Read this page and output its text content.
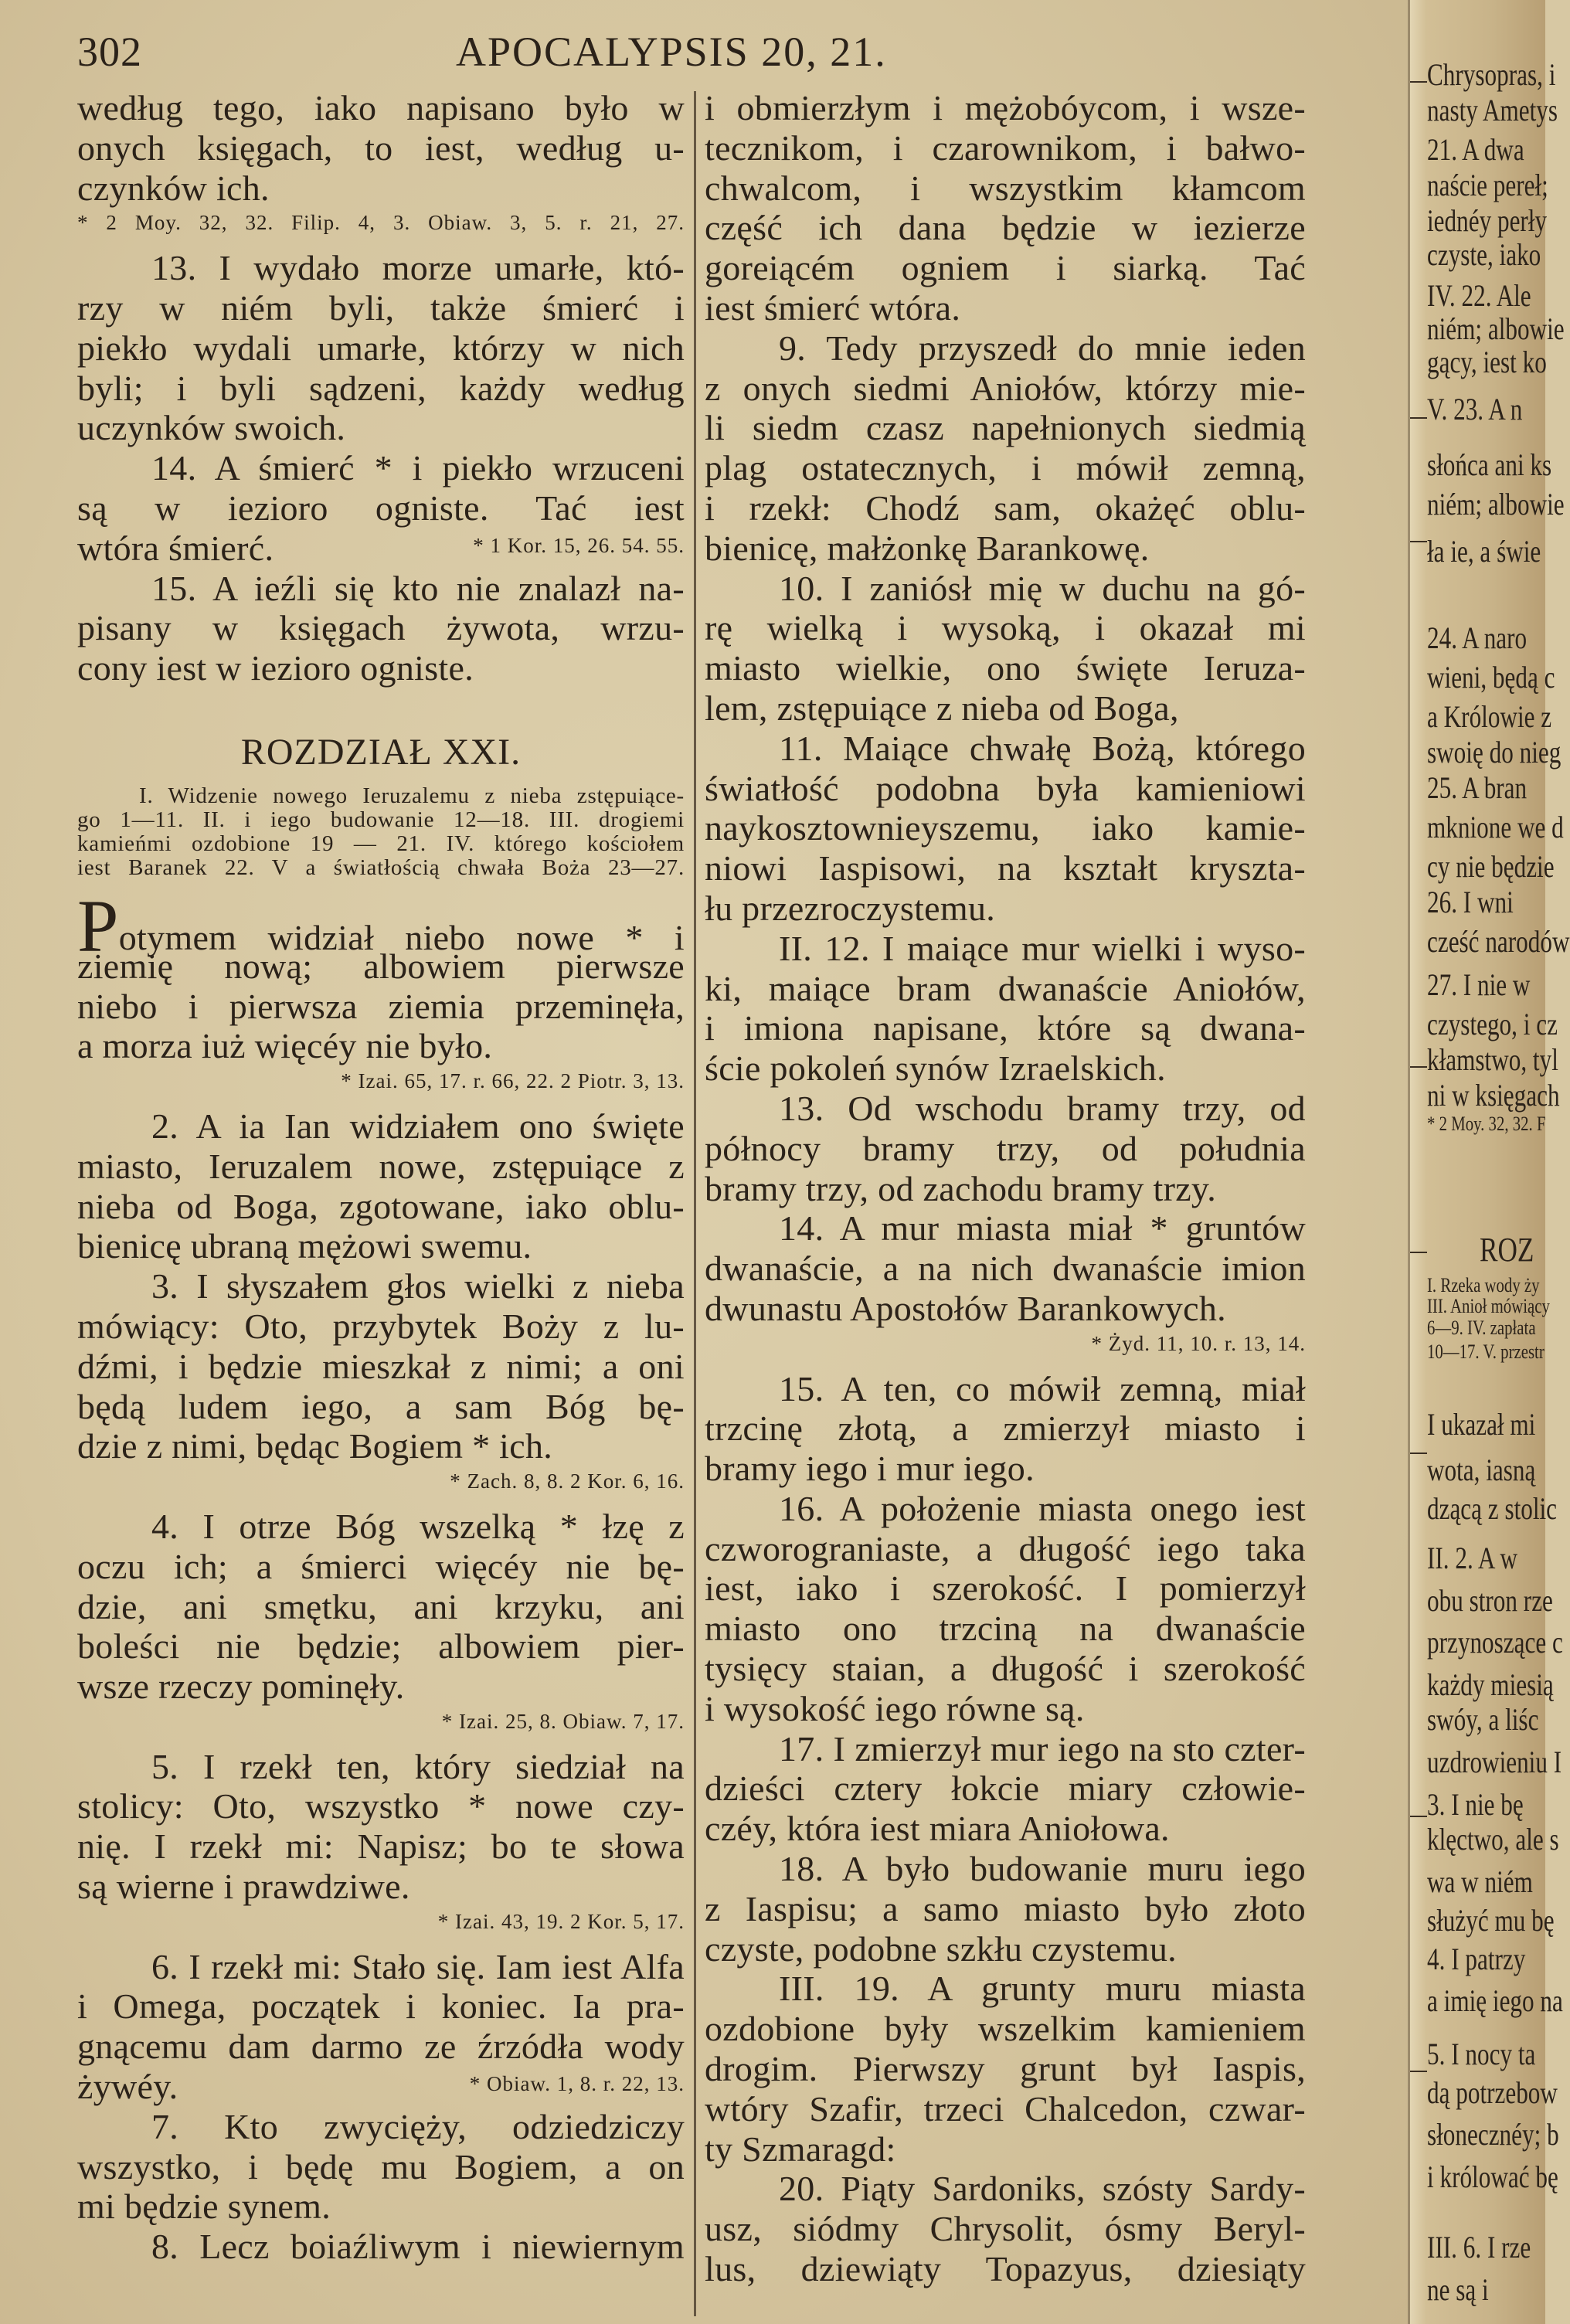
302	APOCALYPSIS 20, 21.
według tego, iako napisano było w
onych księgach, to iest, według u-
czynków ich.
* 2 Moy. 32, 32. Filip. 4, 3. Obiaw. 3, 5. r. 21, 27.
13. I wydało morze umarłe, któ-
rzy w niém byli, także śmierć i
piekło wydali umarłe, którzy w nich
byli; i byli sądzeni, każdy według
uczynków swoich.
14. A śmierć * i piekło wrzuceni
są w iezioro ogniste. Tać iest
wtóra śmierć.	* 1 Kor. 15, 26. 54. 55.
15. A ieźli się kto nie znalazł na-
pisany w księgach żywota, wrzu-
cony iest w iezioro ogniste.
ROZDZIAŁ XXI.
I. Widzenie nowego Ieruzalemu z nieba zstępuiące-
go 1—11. II. i iego budowanie 12—18. III. drogiemi
kamieńmi ozdobione 19 — 21. IV. którego kościołem
iest Baranek 22. V a światłością chwała Boża 23—27.
Potymem widział niebo nowe * i
ziemię nową; albowiem pierwsze
niebo i pierwsza ziemia przeminęła,
a morza iuż więcéy nie było.
* Izai. 65, 17. r. 66, 22. 2 Piotr. 3, 13.
2. A ia Ian widziałem ono święte
miasto, Ieruzalem nowe, zstępuiące z
nieba od Boga, zgotowane, iako oblu-
bienicę ubraną mężowi swemu.
3. I słyszałem głos wielki z nieba
mówiący: Oto, przybytek Boży z lu-
dźmi, i będzie mieszkał z nimi; a oni
będą ludem iego, a sam Bóg bę-
dzie z nimi, będąc Bogiem * ich.
* Zach. 8, 8. 2 Kor. 6, 16.
4. I otrze Bóg wszelką * łzę z
oczu ich; a śmierci więcéy nie bę-
dzie, ani smętku, ani krzyku, ani
boleści nie będzie; albowiem pier-
wsze rzeczy pominęły.
* Izai. 25, 8. Obiaw. 7, 17.
5. I rzekł ten, który siedział na
stolicy: Oto, wszystko * nowe czy-
nię. I rzekł mi: Napisz; bo te słowa
są wierne i prawdziwe.
* Izai. 43, 19. 2 Kor. 5, 17.
6. I rzekł mi: Stało się. Iam iest Alfa
i Omega, początek i koniec. Ia pra-
gnącemu dam darmo ze źrzódła wody
żywéy.	* Obiaw. 1, 8. r. 22, 13.
7. Kto zwycięży, odziedziczy
wszystko, i będę mu Bogiem, a on
mi będzie synem.
8. Lecz boiaźliwym i niewiernym
i obmierzłym i mężobóycom, i wsze-
tecznikom, i czarownikom, i bałwo-
chwalcom, i wszystkim kłamcom
część ich dana będzie w iezierze
goreiącém ogniem i siarką. Tać
iest śmierć wtóra.
9. Tedy przyszedł do mnie ieden
z onych siedmi Aniołów, którzy mie-
li siedm czasz napełnionych siedmią
plag ostatecznych, i mówił zemną,
i rzekł: Chodź sam, okażęć oblu-
bienicę, małżonkę Barankowę.
10. I zaniósł mię w duchu na gó-
rę wielką i wysoką, i okazał mi
miasto wielkie, ono święte Ieruza-
lem, zstępuiące z nieba od Boga,
11. Maiące chwałę Bożą, którego
światłość podobna była kamieniowi
naykosztownieyszemu, iako kamie-
niowi Iaspisowi, na kształt kryszta-
łu przezroczystemu.
II. 12. I maiące mur wielki i wyso-
ki, maiące bram dwanaście Aniołów,
i imiona napisane, które są dwana-
ście pokoleń synów Izraelskich.
13. Od wschodu bramy trzy, od
północy bramy trzy, od południa
bramy trzy, od zachodu bramy trzy.
14. A mur miasta miał * gruntów
dwanaście, a na nich dwanaście imion
dwunastu Apostołów Barankowych.
* Żyd. 11, 10. r. 13, 14.
15. A ten, co mówił zemną, miał
trzcinę złotą, a zmierzył miasto i
bramy iego i mur iego.
16. A położenie miasta onego iest
czworograniaste, a długość iego taka
iest, iako i szerokość. I pomierzył
miasto ono trzciną na dwanaście
tysięcy staian, a długość i szerokość
i wysokość iego równe są.
17. I zmierzył mur iego na sto czter-
dzieści cztery łokcie miary człowie-
czéy, która iest miara Aniołowa.
18. A było budowanie muru iego
z Iaspisu; a samo miasto było złoto
czyste, podobne szkłu czystemu.
III. 19. A grunty muru miasta
ozdobione były wszelkim kamieniem
drogim. Pierwszy grunt był Iaspis,
wtóry Szafir, trzeci Chalcedon, czwar-
ty Szmaragd:
20. Piąty Sardoniks, szósty Sardy-
usz, siódmy Chrysolit, ósmy Beryl-
lus, dziewiąty Topazyus, dziesiąty
Chrysopras, i
nasty Ametys
21. A dwa
naście pereł;
iednéy perły
czyste, iako
IV. 22. Ale
niém; albowie
gący, iest ko
V. 23. A n
słońca ani ks
niém; albowie
ła ie, a świe
24. A naro
wieni, będą c
a Królowie z
swoię do nieg
25. A bran
mknione we d
cy nie będzie
26. I wni
cześć narodów
27. I nie w
czystego, i cz
kłamstwo, tyl
ni w księgach
* 2 Moy. 32, 32. F
ROZ
I. Rzeka wody ży
III. Anioł mówiący
6—9. IV. zapłata
10—17. V. przestr
I ukazał mi
wota, iasną
dzącą z stolic
II. 2. A w
obu stron rze
przynoszące c
każdy miesią
swóy, a liśc
uzdrowieniu I
3. I nie bę
klęctwo, ale s
wa w niém
służyć mu bę
4. I patrzy
a imię iego na
5. I nocy ta
dą potrzebow
słonecznéy; b
i królować bę
III. 6. I rze
ne są i
